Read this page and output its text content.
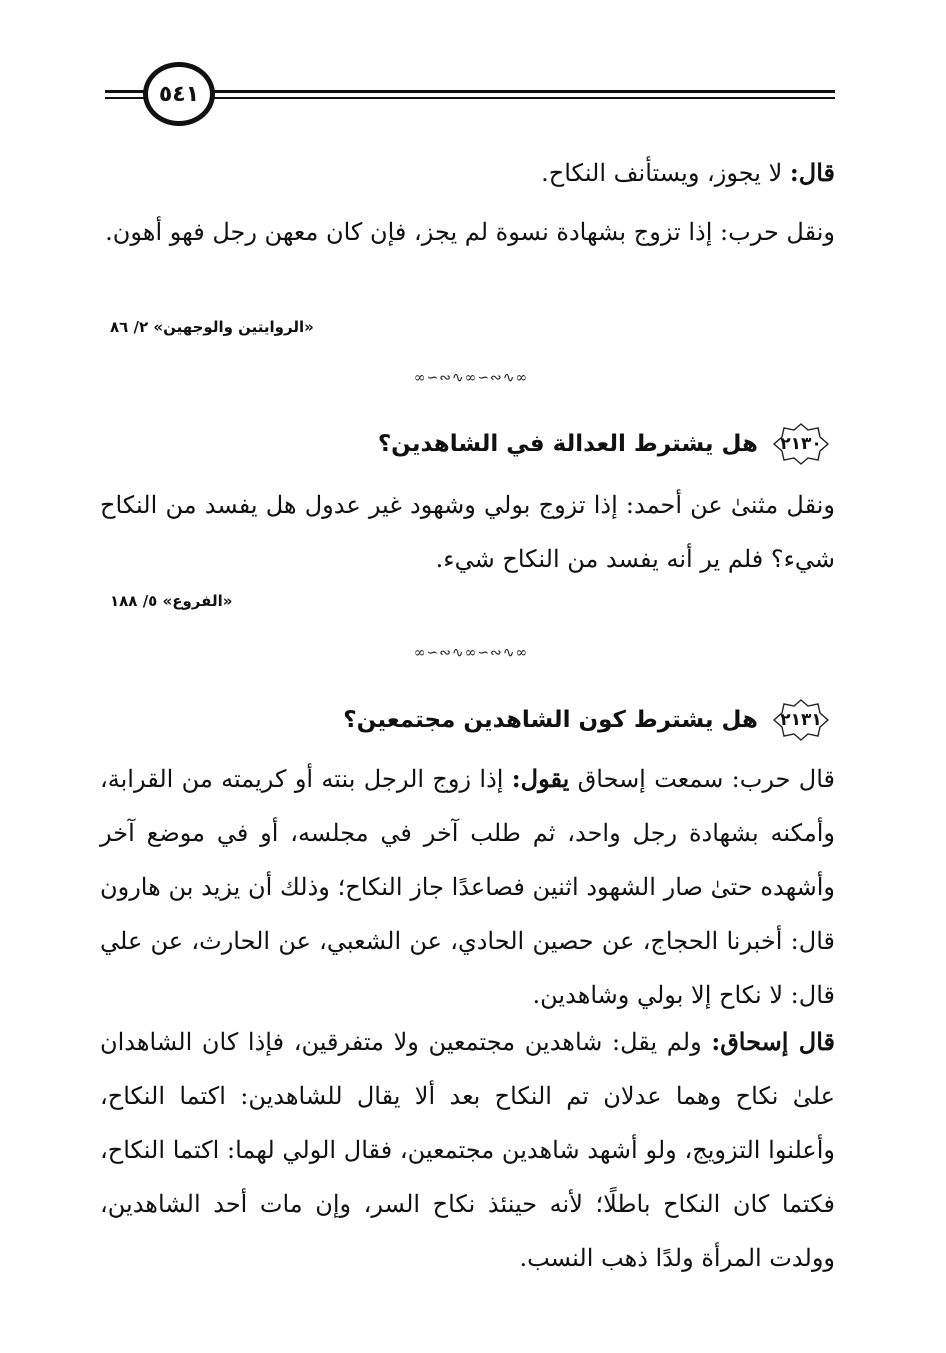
٥٤١
قال: لا يجوز، ويستأنف النكاح.
ونقل حرب: إذا تزوج بشهادة نسوة لم يجز، فإن كان معهن رجل فهو أهون.
«الروايتين والوجهين» ٢/ ٨٦
∞∽∾∿∞∽∾∿∞
٢١٣٠
هل يشترط العدالة في الشاهدين؟
ونقل مثنىٰ عن أحمد: إذا تزوج بولي وشهود غير عدول هل يفسد من النكاح شيء؟ فلم ير أنه يفسد من النكاح شيء.
«الفروع» ٥/ ١٨٨
∞∽∾∿∞∽∾∿∞
٢١٣١
هل يشترط كون الشاهدين مجتمعين؟
قال حرب: سمعت إسحاق يقول: إذا زوج الرجل بنته أو كريمته من القرابة، وأمكنه بشهادة رجل واحد، ثم طلب آخر في مجلسه، أو في موضع آخر وأشهده حتىٰ صار الشهود اثنين فصاعدًا جاز النكاح؛ وذلك أن يزيد بن هارون قال: أخبرنا الحجاج، عن حصين الحادي، عن الشعبي، عن الحارث، عن علي قال: لا نكاح إلا بولي وشاهدين.
قال إسحاق: ولم يقل: شاهدين مجتمعين ولا متفرقين، فإذا كان الشاهدان علىٰ نكاح وهما عدلان تم النكاح بعد ألا يقال للشاهدين: اكتما النكاح، وأعلنوا التزويج، ولو أشهد شاهدين مجتمعين، فقال الولي لهما: اكتما النكاح، فكتما كان النكاح باطلًا؛ لأنه حينئذ نكاح السر، وإن مات أحد الشاهدين، وولدت المرأة ولدًا ذهب النسب.
